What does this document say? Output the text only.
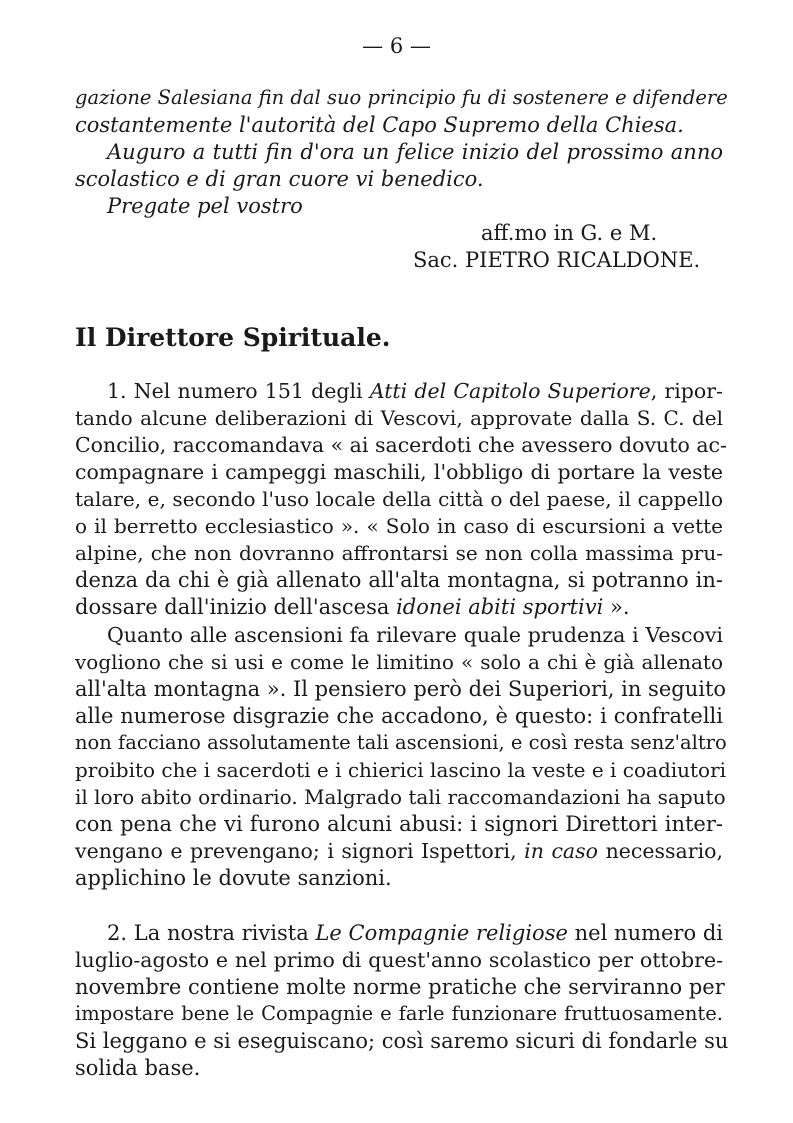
— 6 —
gazione Salesiana fin dal suo principio fu di sostenere e difendere
costantemente l'autorità del Capo Supremo della Chiesa.
Auguro a tutti fin d'ora un felice inizio del prossimo anno
scolastico e di gran cuore vi benedico.
Pregate pel vostro
aff.mo in G. e M.
Sac. PIETRO RICALDONE.
Il Direttore Spirituale.
1. Nel numero 151 degli Atti del Capitolo Superiore, ripor-
tando alcune deliberazioni di Vescovi, approvate dalla S. C. del
Concilio, raccomandava « ai sacerdoti che avessero dovuto ac-
compagnare i campeggi maschili, l'obbligo di portare la veste
talare, e, secondo l'uso locale della città o del paese, il cappello
o il berretto ecclesiastico ». « Solo in caso di escursioni a vette
alpine, che non dovranno affrontarsi se non colla massima pru-
denza da chi è già allenato all'alta montagna, si potranno in-
dossare dall'inizio dell'ascesa idonei abiti sportivi ».
Quanto alle ascensioni fa rilevare quale prudenza i Vescovi
vogliono che si usi e come le limitino « solo a chi è già allenato
all'alta montagna ». Il pensiero però dei Superiori, in seguito
alle numerose disgrazie che accadono, è questo: i confratelli
non facciano assolutamente tali ascensioni, e così resta senz'altro
proibito che i sacerdoti e i chierici lascino la veste e i coadiutori
il loro abito ordinario. Malgrado tali raccomandazioni ha saputo
con pena che vi furono alcuni abusi: i signori Direttori inter-
vengano e prevengano; i signori Ispettori, in caso necessario,
applichino le dovute sanzioni.
2. La nostra rivista Le Compagnie religiose nel numero di
luglio-agosto e nel primo di quest'anno scolastico per ottobre-
novembre contiene molte norme pratiche che serviranno per
impostare bene le Compagnie e farle funzionare fruttuosamente.
Si leggano e si eseguiscano; così saremo sicuri di fondarle su
solida base.
